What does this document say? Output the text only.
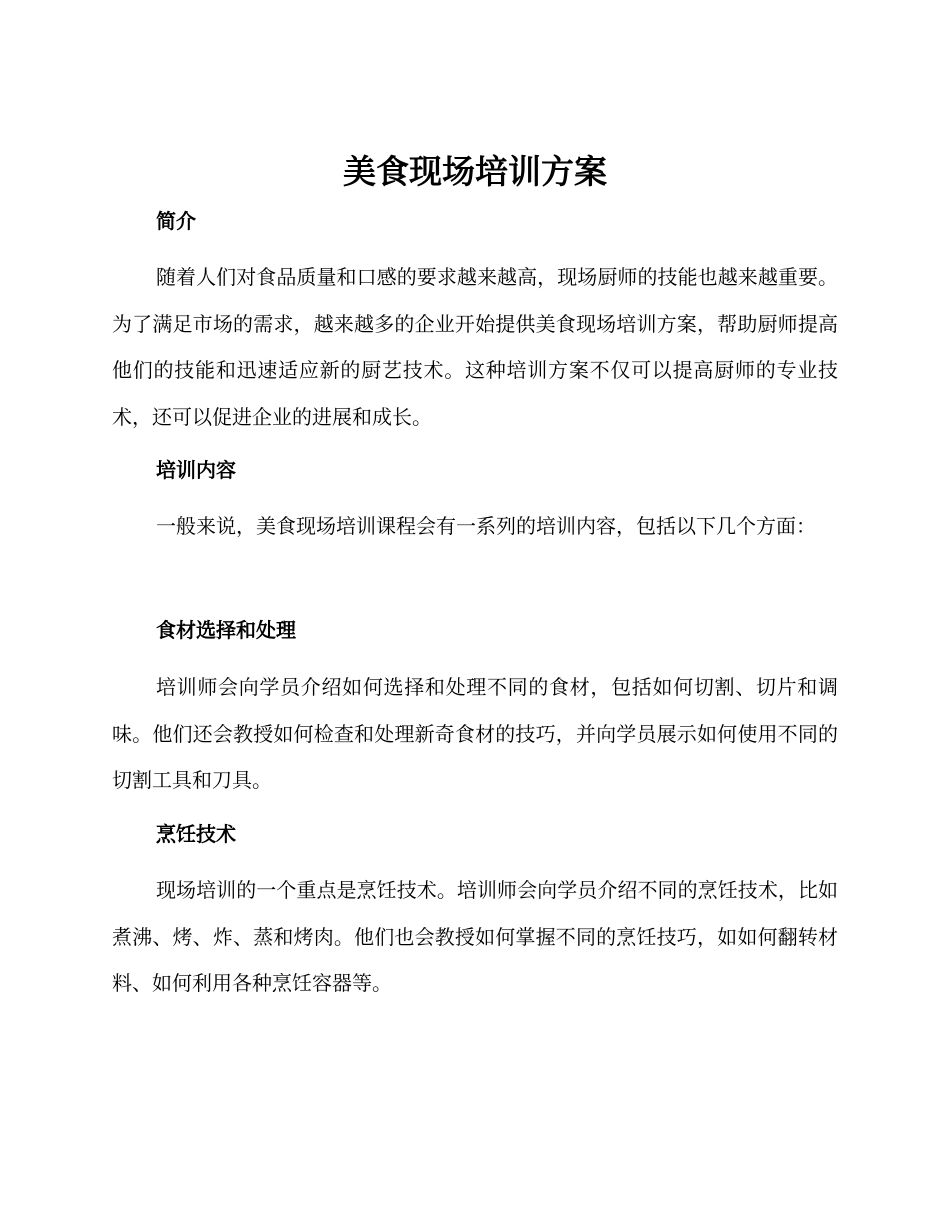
美食现场培训方案
简介

随着人们对食品质量和口感的要求越来越高，现场厨师的技能也越来越重要。为了满足市场的需求，越来越多的企业开始提供美食现场培训方案，帮助厨师提高他们的技能和迅速适应新的厨艺技术。这种培训方案不仅可以提高厨师的专业技术，还可以促进企业的进展和成长。

培训内容

一般来说，美食现场培训课程会有一系列的培训内容，包括以下几个方面：

食材选择和处理

培训师会向学员介绍如何选择和处理不同的食材，包括如何切割、切片和调味。他们还会教授如何检查和处理新奇食材的技巧，并向学员展示如何使用不同的切割工具和刀具。

烹饪技术

现场培训的一个重点是烹饪技术。培训师会向学员介绍不同的烹饪技术，比如煮沸、烤、炸、蒸和烤肉。他们也会教授如何掌握不同的烹饪技巧，如如何翻转材料、如何利用各种烹饪容器等。
